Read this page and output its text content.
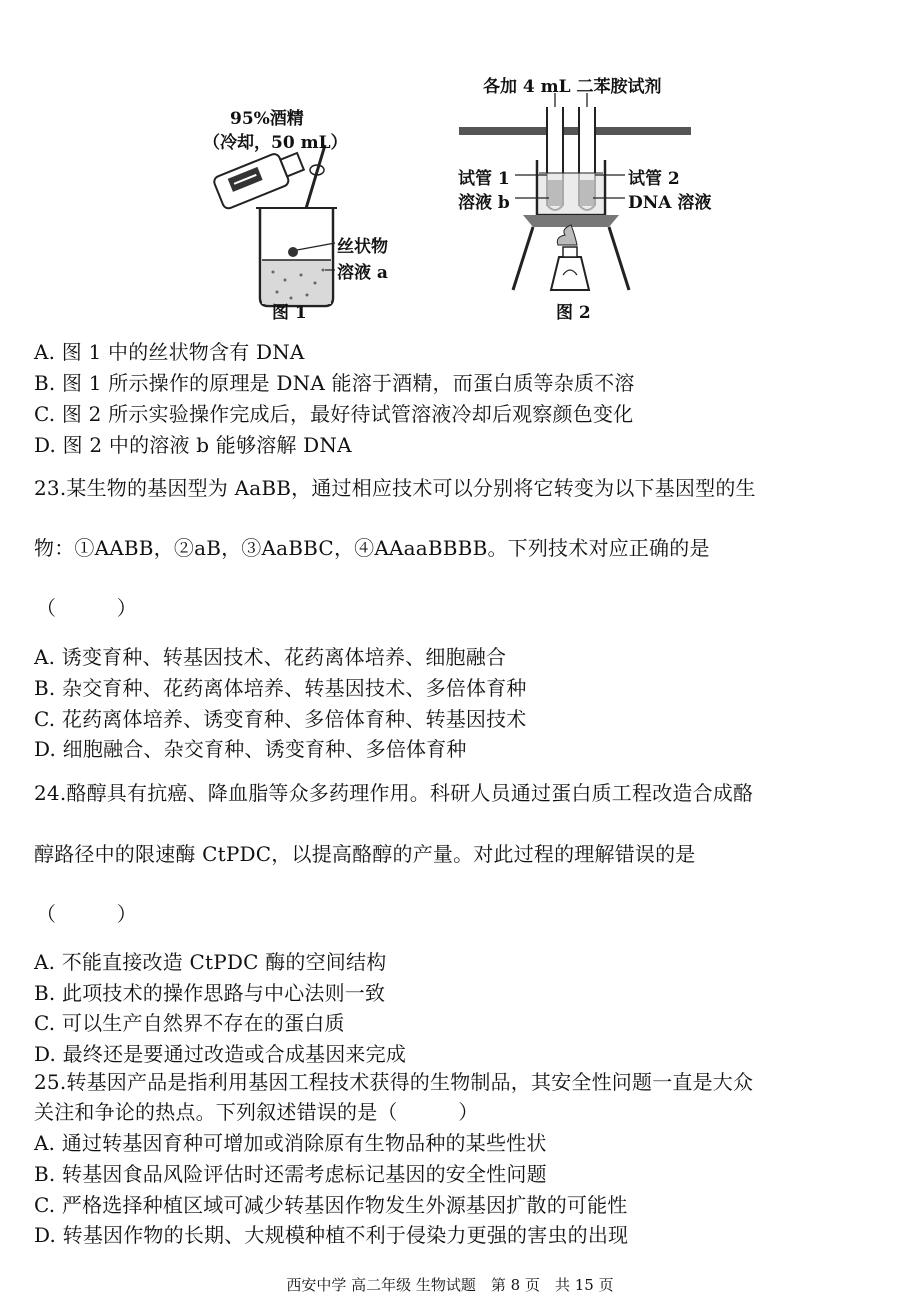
95%酒精
（冷却，50 mL）
丝状物
溶液 a
图 1
各加 4 mL 二苯胺试剂
试管 1
溶液 b
试管 2
DNA 溶液
图 2
A. 图 1 中的丝状物含有 DNA
B. 图 1 所示操作的原理是 DNA 能溶于酒精，而蛋白质等杂质不溶
C. 图 2 所示实验操作完成后，最好待试管溶液冷却后观察颜色变化
D. 图 2 中的溶液 b 能够溶解 DNA
23.某生物的基因型为 AaBB，通过相应技术可以分别将它转变为以下基因型的生
物：①AABB，②aB，③AaBBC，④AAaaBBBB。下列技术对应正确的是
（　　　）
A. 诱变育种、转基因技术、花药离体培养、细胞融合
B. 杂交育种、花药离体培养、转基因技术、多倍体育种
C. 花药离体培养、诱变育种、多倍体育种、转基因技术
D. 细胞融合、杂交育种、诱变育种、多倍体育种
24.酪醇具有抗癌、降血脂等众多药理作用。科研人员通过蛋白质工程改造合成酪
醇路径中的限速酶 CtPDC，以提高酪醇的产量。对此过程的理解错误的是
（　　　）
A. 不能直接改造 CtPDC 酶的空间结构
B. 此项技术的操作思路与中心法则一致
C. 可以生产自然界不存在的蛋白质
D. 最终还是要通过改造或合成基因来完成
25.转基因产品是指利用基因工程技术获得的生物制品，其安全性问题一直是大众
关注和争论的热点。下列叙述错误的是（　　　）
A. 通过转基因育种可增加或消除原有生物品种的某些性状
B. 转基因食品风险评估时还需考虑标记基因的安全性问题
C. 严格选择种植区域可减少转基因作物发生外源基因扩散的可能性
D. 转基因作物的长期、大规模种植不利于侵染力更强的害虫的出现
西安中学 高二年级 生物试题　第 8 页　共 15 页
